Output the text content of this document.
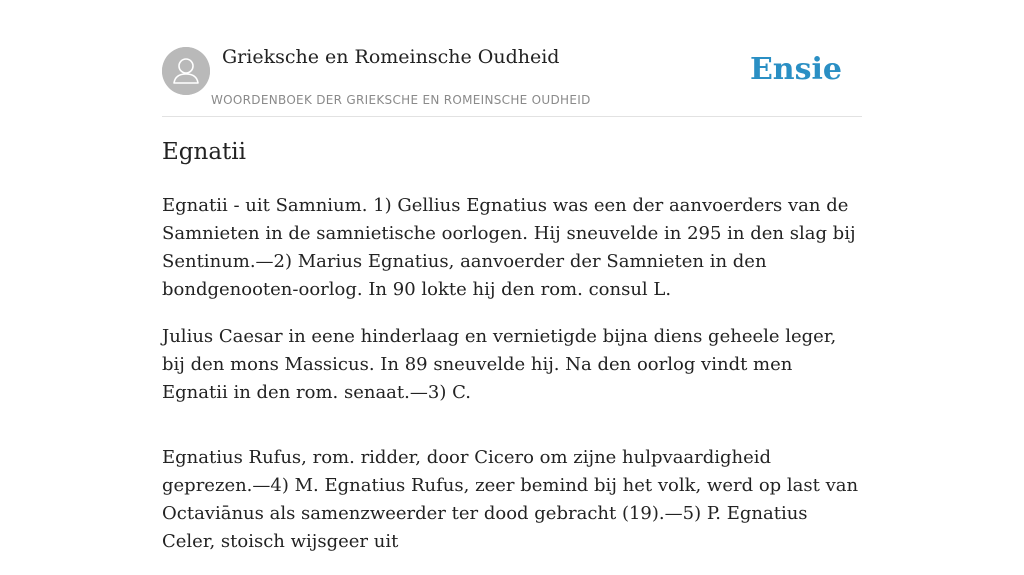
Grieksche en Romeinsche Oudheid
WOORDENBOEK DER GRIEKSCHE EN ROMEINSCHE OUDHEID
Ensie
Egnatii

Egnatii - uit Samnium. 1) Gellius Egnatius was een der aanvoerders van de Samnieten in de samnietische oorlogen. Hij sneuvelde in 295 in den slag bij Sentinum.—2) Marius Egnatius, aanvoerder der Samnieten in den bondgenooten-oorlog. In 90 lokte hij den rom. consul L.

Julius Caesar in eene hinderlaag en vernietigde bijna diens geheele leger, bij den mons Massicus. In 89 sneuvelde hij. Na den oorlog vindt men Egnatii in den rom. senaat.—3) C.

Egnatius Rufus, rom. ridder, door Cicero om zijne hulpvaardigheid geprezen.—4) M. Egnatius Rufus, zeer bemind bij het volk, werd op last van Octaviānus als samenzweerder ter dood gebracht (19).—5) P. Egnatius Celer, stoisch wijsgeer uit
